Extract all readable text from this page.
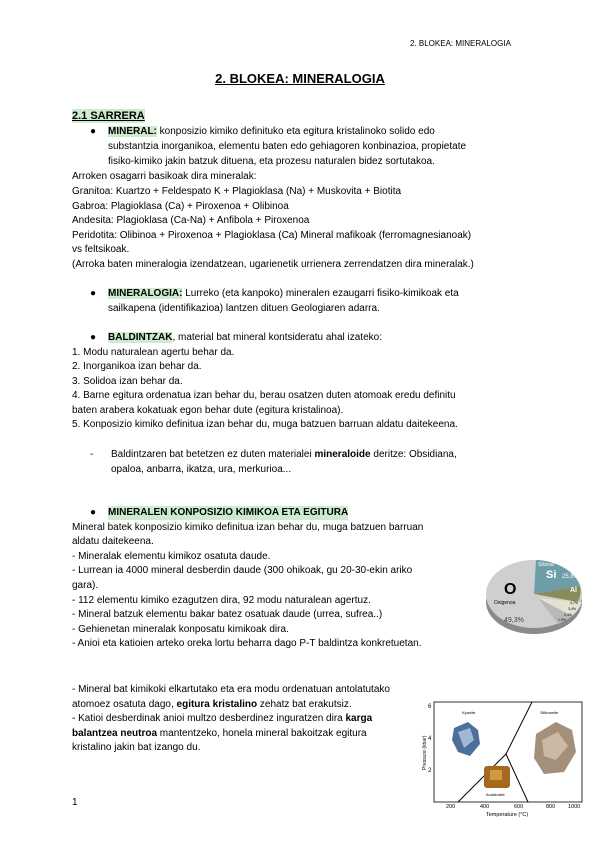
2. BLOKEA: MINERALOGIA
2. BLOKEA: MINERALOGIA
2.1 SARRERA
● MINERAL: konposizio kimiko definituko eta egitura kristalinoko solido edo
substantzia inorganikoa, elementu baten edo gehiagoren konbinazioa, propietate
fisiko-kimiko jakin batzuk dituena, eta prozesu naturalen bidez sortutakoa.
Arroken osagarri basikoak dira mineralak:
Granitoa: Kuartzo + Feldespato K + Plagioklasa (Na) + Muskovita + Biotita
Gabroa: Plagioklasa (Ca) + Piroxenoa + Olibinoa
Andesita: Plagioklasa (Ca-Na) + Anfibola + Piroxenoa
Peridotita: Olibinoa + Piroxenoa + Plagioklasa (Ca) Mineral mafikoak (ferromagnesianoak)
vs feltsikoak.
(Arroka baten mineralogia izendatzean, ugarienetik urrienera zerrendatzen dira mineralak.)
● MINERALOGIA: Lurreko (eta kanpoko) mineralen ezaugarri fisiko-kimikoak eta
sailkapena (identifikazioa) lantzen dituen Geologiaren adarra.
● BALDINTZAK, material bat mineral kontsideratu ahal izateko:
1. Modu naturalean agertu behar da.
2. Inorganikoa izan behar da.
3. Solidoa izan behar da.
4. Barne egitura ordenatua izan behar du, berau osatzen duten atomoak eredu definitu
baten arabera kokatuak egon behar dute (egitura kristalinoa).
5. Konposizio kimiko definitua izan behar du, muga batzuen barruan aldatu daitekeena.
- Baldintzaren bat betetzen ez duten materialei mineraloide deritze: Obsidiana,
opaloa, anbarra, ikatza, ura, merkurioa...
● MINERALEN KONPOSIZIO KIMIKOA ETA EGITURA
Mineral batek konposizio kimiko definitua izan behar du, muga batzuen barruan
aldatu daitekeena.
- Mineralak elementu kimikoz osatuta daude.
- Lurrean ia 4000 mineral desberdin daude (300 ohikoak, gu 20-30-ekin ariko
gara).
- 112 elementu kimiko ezagutzen dira, 92 modu naturalean agertuz.
- Mineral batzuk elementu bakar batez osatuak daude (urrea, sufrea..)
- Gehienetan mineralak konposatu kimikoak dira.
- Anioi eta katioien arteko oreka lortu beharra dago P-T baldintza konkretuetan.
O
Oxigenoa
49,3%
Silizioa
Si 25,8%
Al
4,7%
3,4%
2,4%
1,9%
- Mineral bat kimikoki elkartutako eta era modu ordenatuan antolatutako
atomoez osatuta dago, egitura kristalino zehatz bat erakutsiz.
- Katioi desberdinak anioi multzo desberdinez inguratzen dira karga
balantzea neutroa mantentzeko, honela mineral bakoitzak egitura
kristalino jakin bat izango du.
Kyanite	Sillimanite
Andalusite
6
4
2
Pressure (kbar)
200	400	600	800 1000
Temperature (°C)
1
